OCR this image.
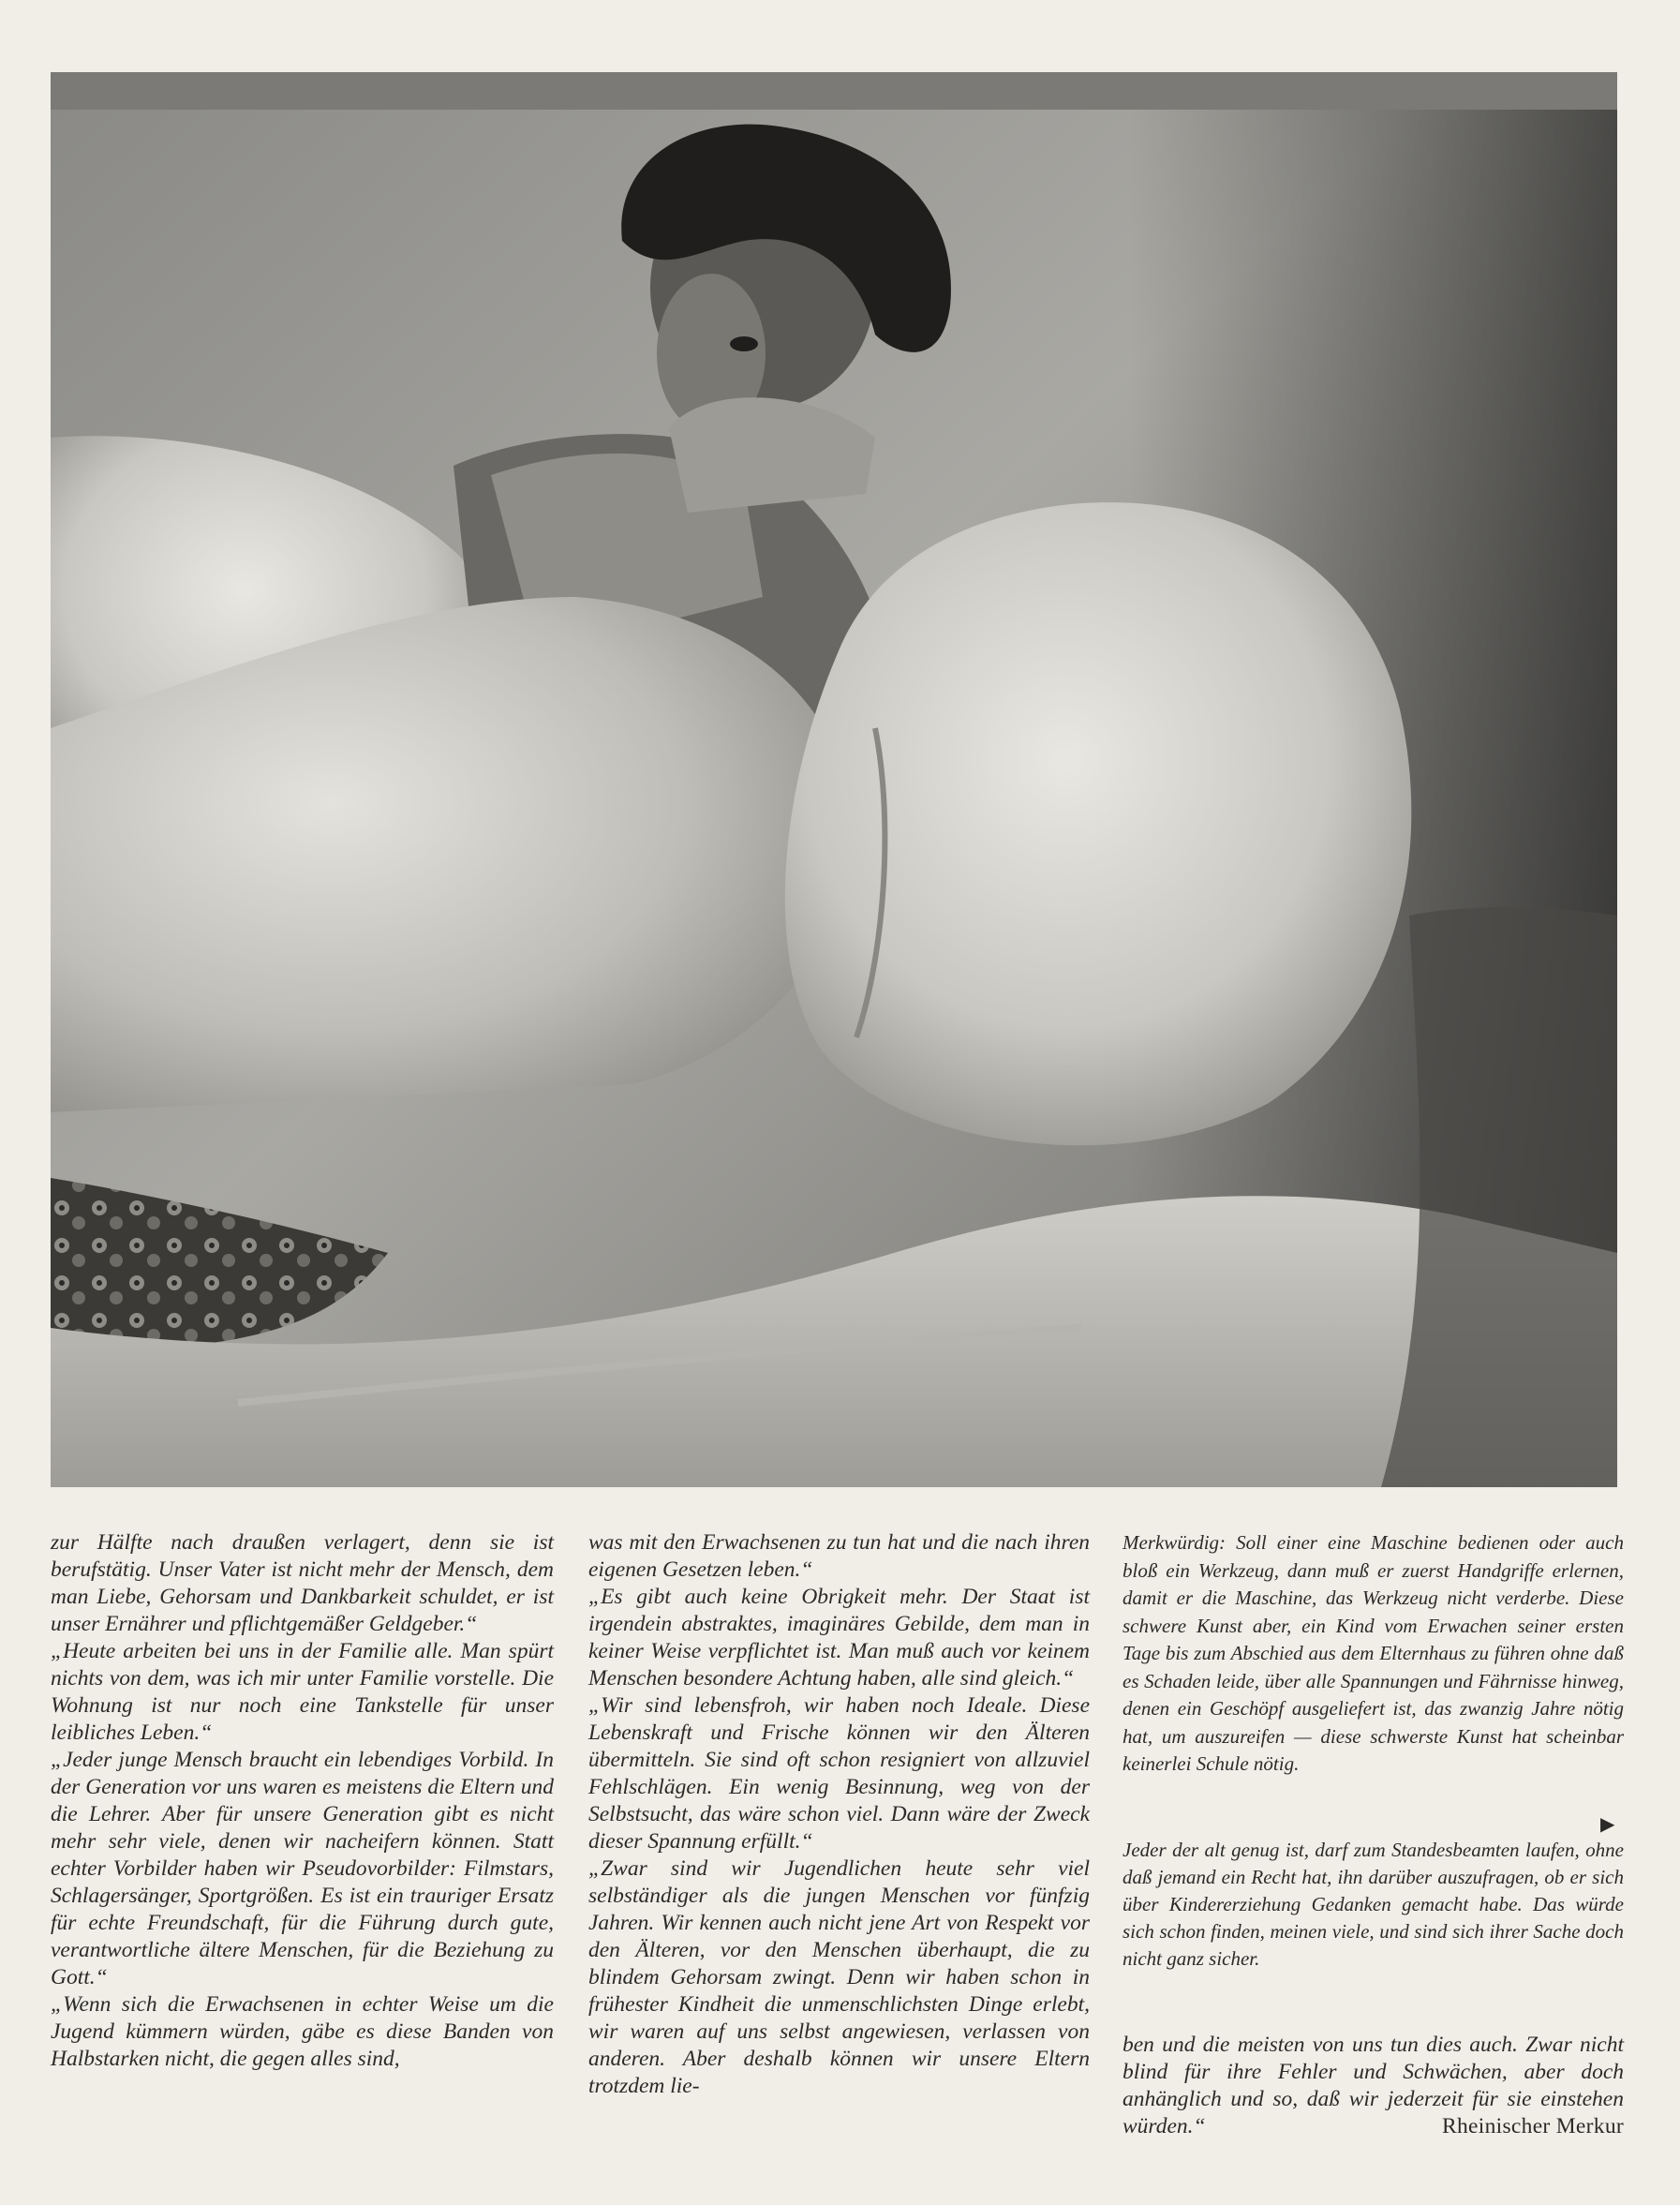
zur Hälfte nach draußen verlagert, denn sie ist berufstätig. Unser Vater ist nicht mehr der Mensch, dem man Liebe, Gehorsam und Dankbarkeit schuldet, er ist unser Ernährer und pflichtgemäßer Geldgeber.“

„Heute arbeiten bei uns in der Familie alle. Man spürt nichts von dem, was ich mir unter Familie vorstelle. Die Wohnung ist nur noch eine Tankstelle für unser leibliches Leben.“

„Jeder junge Mensch braucht ein lebendiges Vorbild. In der Generation vor uns waren es meistens die Eltern und die Lehrer. Aber für unsere Generation gibt es nicht mehr sehr viele, denen wir nacheifern können. Statt echter Vorbilder haben wir Pseudovorbilder: Filmstars, Schlagersänger, Sportgrößen. Es ist ein trauriger Ersatz für echte Freundschaft, für die Führung durch gute, verantwortliche ältere Menschen, für die Beziehung zu Gott.“

„Wenn sich die Erwachsenen in echter Weise um die Jugend kümmern würden, gäbe es diese Banden von Halbstarken nicht, die gegen alles sind,

was mit den Erwachsenen zu tun hat und die nach ihren eigenen Gesetzen leben.“

„Es gibt auch keine Obrigkeit mehr. Der Staat ist irgendein abstraktes, imaginäres Gebilde, dem man in keiner Weise verpflichtet ist. Man muß auch vor keinem Menschen besondere Achtung haben, alle sind gleich.“

„Wir sind lebensfroh, wir haben noch Ideale. Diese Lebenskraft und Frische können wir den Älteren übermitteln. Sie sind oft schon resigniert von allzuviel Fehlschlägen. Ein wenig Besinnung, weg von der Selbstsucht, das wäre schon viel. Dann wäre der Zweck dieser Spannung erfüllt.“

„Zwar sind wir Jugendlichen heute sehr viel selbständiger als die jungen Menschen vor fünfzig Jahren. Wir kennen auch nicht jene Art von Respekt vor den Älteren, vor den Menschen überhaupt, die zu blindem Gehorsam zwingt. Denn wir haben schon in frühester Kindheit die unmenschlichsten Dinge erlebt, wir waren auf uns selbst angewiesen, verlassen von anderen. Aber deshalb können wir unsere Eltern trotzdem lie-

Merkwürdig: Soll einer eine Maschine bedienen oder auch bloß ein Werkzeug, dann muß er zuerst Handgriffe erlernen, damit er die Maschine, das Werkzeug nicht verderbe. Diese schwere Kunst aber, ein Kind vom Erwachen seiner ersten Tage bis zum Abschied aus dem Elternhaus zu führen ohne daß es Schaden leide, über alle Spannungen und Fährnisse hinweg, denen ein Geschöpf ausgeliefert ist, das zwanzig Jahre nötig hat, um auszureifen — diese schwerste Kunst hat scheinbar keinerlei Schule nötig.

▶

Jeder der alt genug ist, darf zum Standesbeamten laufen, ohne daß jemand ein Recht hat, ihn darüber auszufragen, ob er sich über Kindererziehung Gedanken gemacht habe. Das würde sich schon finden, meinen viele, und sind sich ihrer Sache doch nicht ganz sicher.

ben und die meisten von uns tun dies auch. Zwar nicht blind für ihre Fehler und Schwächen, aber doch anhänglich und so, daß wir jederzeit für sie einstehen würden.“	Rheinischer Merkur
